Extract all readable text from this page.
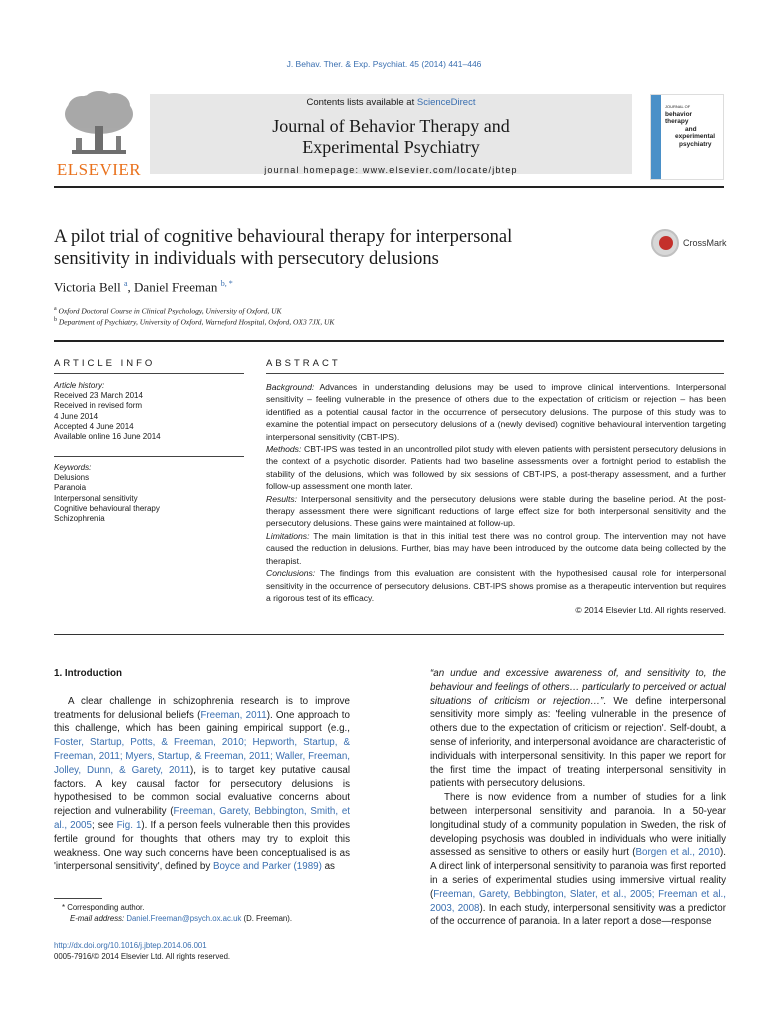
J. Behav. Ther. & Exp. Psychiat. 45 (2014) 441–446
ELSEVIER
Contents lists available at ScienceDirect
Journal of Behavior Therapy and
Experimental Psychiatry
journal homepage: www.elsevier.com/locate/jbtep
JOURNAL OF
behavior
therapy
and
experimental
psychiatry
A pilot trial of cognitive behavioural therapy for interpersonal
sensitivity in individuals with persecutory delusions
CrossMark
Victoria Bell $^a$, Daniel Freeman $^{b, *}$
$^a$ Oxford Doctoral Course in Clinical Psychology, University of Oxford, UK
$^b$ Department of Psychiatry, University of Oxford, Warneford Hospital, Oxford, OX3 7JX, UK
ARTICLE INFO	ABSTRACT
Article history:
Received 23 March 2014
Received in revised form
4 June 2014
Accepted 4 June 2014
Available online 16 June 2014
Keywords:
Delusions
Paranoia
Interpersonal sensitivity
Cognitive behavioural therapy
Schizophrenia
Background: Advances in understanding delusions may be used to improve clinical interventions. Interpersonal sensitivity – feeling vulnerable in the presence of others due to the expectation of criticism or rejection – has been identified as a potential causal factor in the occurrence of persecutory delusions. The purpose of this study was to examine the potential impact on persecutory delusions of a (newly devised) cognitive behavioural intervention targeting interpersonal sensitivity (CBT-IPS).
Methods: CBT-IPS was tested in an uncontrolled pilot study with eleven patients with persistent persecutory delusions in the context of a psychotic disorder. Patients had two baseline assessments over a fortnight period to establish the stability of the delusions, which was followed by six sessions of CBT-IPS, a post-therapy assessment, and a further follow-up assessment one month later.
Results: Interpersonal sensitivity and the persecutory delusions were stable during the baseline period. At the post-therapy assessment there were significant reductions of large effect size for both interpersonal sensitivity and the persecutory delusions. These gains were maintained at follow-up.
Limitations: The main limitation is that in this initial test there was no control group. The intervention may not have caused the reduction in delusions. Further, bias may have been introduced by the outcome data being collected by the therapist.
Conclusions: The findings from this evaluation are consistent with the hypothesised causal role for interpersonal sensitivity in the occurrence of persecutory delusions. CBT-IPS shows promise as a therapeutic intervention but requires a rigorous test of its efficacy.
© 2014 Elsevier Ltd. All rights reserved.
1. Introduction

A clear challenge in schizophrenia research is to improve treatments for delusional beliefs (Freeman, 2011). One approach to this challenge, which has been gaining empirical support (e.g., Foster, Startup, Potts, & Freeman, 2010; Hepworth, Startup, & Freeman, 2011; Myers, Startup, & Freeman, 2011; Waller, Freeman, Jolley, Dunn, & Garety, 2011), is to target key putative causal factors. A key causal factor for persecutory delusions is hypothesised to be common social evaluative concerns about rejection and vulnerability (Freeman, Garety, Bebbington, Smith, et al., 2005; see Fig. 1). If a person feels vulnerable then this provides fertile ground for thoughts that others may try to exploit this weakness. One way such concerns have been conceptualised is as 'interpersonal sensitivity', defined by Boyce and Parker (1989) as

“an undue and excessive awareness of, and sensitivity to, the behaviour and feelings of others… particularly to perceived or actual situations of criticism or rejection…”. We define interpersonal sensitivity more simply as: 'feeling vulnerable in the presence of others due to the expectation of criticism or rejection'. Self-doubt, a sense of inferiority, and interpersonal avoidance are characteristic of individuals with interpersonal sensitivity. In this paper we report for the first time the impact of treating interpersonal sensitivity in patients with persecutory delusions.

There is now evidence from a number of studies for a link between interpersonal sensitivity and paranoia. In a 50-year longitudinal study of a community population in Sweden, the risk of developing psychosis was doubled in individuals who were initially assessed as sensitive to others or easily hurt (Borgen et al., 2010). A direct link of interpersonal sensitivity to paranoia was first reported in a series of experimental studies using immersive virtual reality (Freeman, Garety, Bebbington, Slater, et al., 2005; Freeman et al., 2003, 2008). In each study, interpersonal sensitivity was a predictor of the occurrence of paranoia. In a later report a dose—response

* Corresponding author.
E-mail address: Daniel.Freeman@psych.ox.ac.uk (D. Freeman).
http://dx.doi.org/10.1016/j.jbtep.2014.06.001
0005-7916/© 2014 Elsevier Ltd. All rights reserved.
